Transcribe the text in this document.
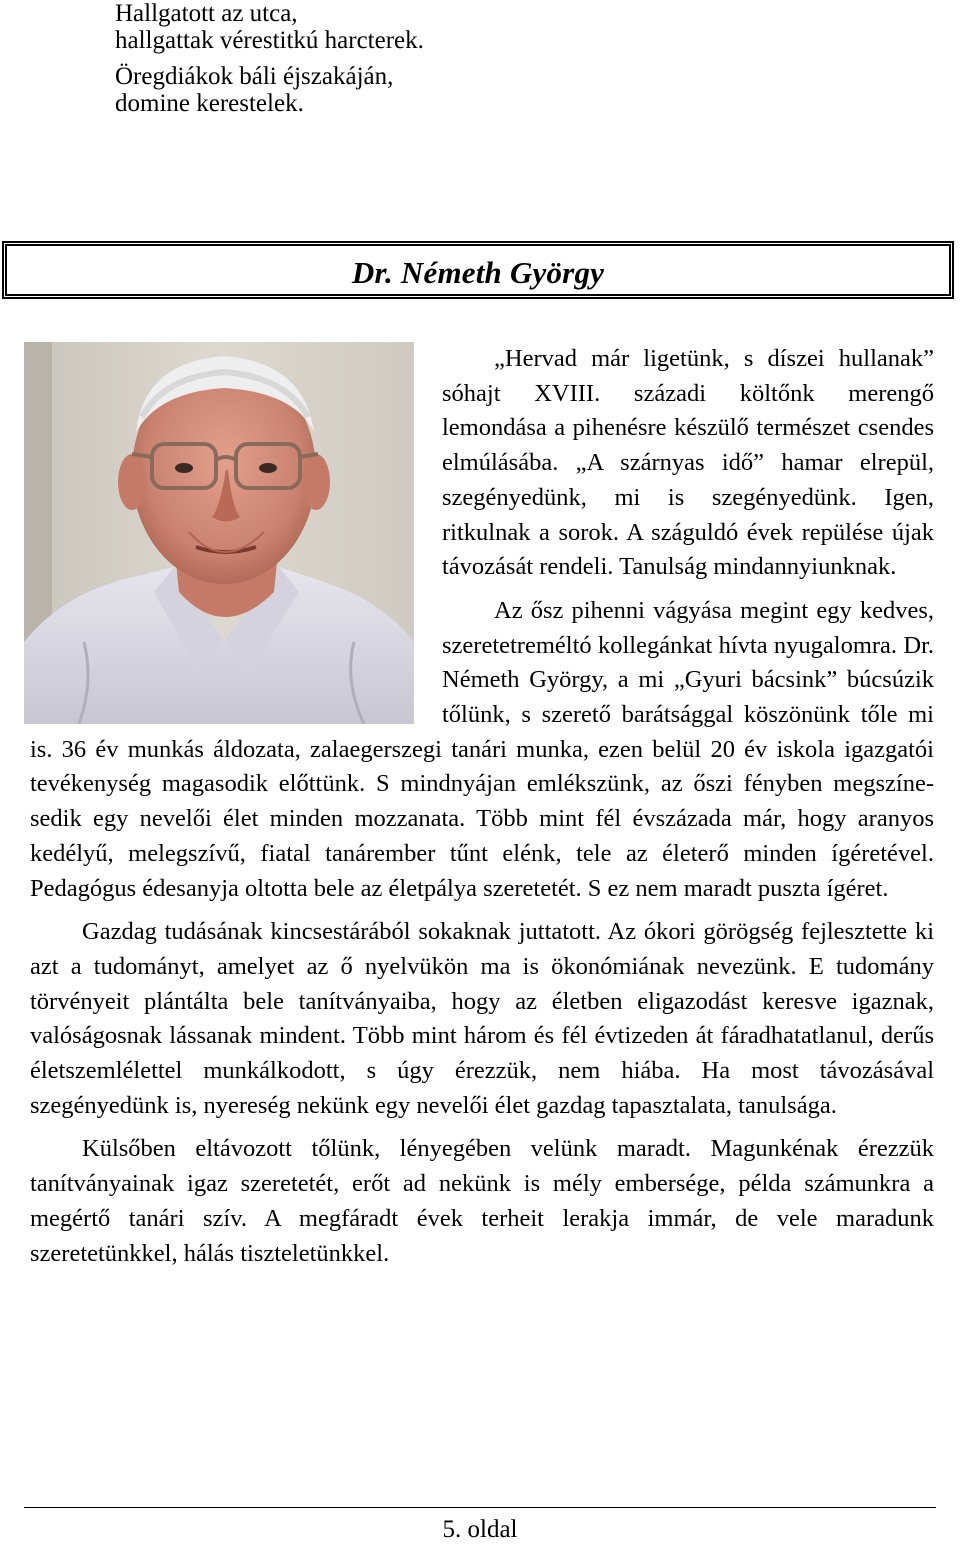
Hallgatott az utca,
hallgattak vérestitkú harcterek.
Öregdiákok báli éjszakáján,
domine kerestelek.
Dr. Németh György

„Hervad már ligetünk, s díszei hullanak” sóhajt XVIII. századi költőnk merengő lemondása a pihenésre készülő természet csendes elmúlásába. „A szárnyas idő” hamar elrepül, szegényedünk, mi is szegényedünk. Igen, ritkulnak a sorok. A száguldó évek repülése újak távozását rendeli. Tanulság mindannyiunknak.

Az ősz pihenni vágyása megint egy kedves, szeretetreméltó kollegánkat hívta nyugalomra. Dr. Németh György, a mi „Gyuri bácsink” búcsúzik tőlünk, s szerető barátsággal köszönünk tőle mi is. 36 év munkás áldozata, zalaegerszegi tanári munka, ezen belül 20 év iskola igazgatói tevékenység magasodik előttünk. S mindnyájan emlékszünk, az őszi fényben megszínesedik egy nevelői élet minden mozzanata. Több mint fél évszázada már, hogy aranyos kedélyű, melegszívű, fiatal tanárember tűnt elénk, tele az életerő minden ígéretével. Pedagógus édesanyja oltotta bele az életpálya szeretetét. S ez nem maradt puszta ígéret.

Gazdag tudásának kincsestárából sokaknak juttatott. Az ókori görögség fejlesztette ki azt a tudományt, amelyet az ő nyelvükön ma is ökonómiának nevezünk. E tudomány törvényeit plántálta bele tanítványaiba, hogy az életben eligazodást keresve igaznak, valóságosnak lássanak mindent. Több mint három és fél évtizeden át fáradhatatlanul, derűs életszemlélettel munkálkodott, s úgy érezzük, nem hiába. Ha most távozásával szegényedünk is, nyereség nekünk egy nevelői élet gazdag tapasztalata, tanulsága.

Külsőben eltávozott tőlünk, lényegében velünk maradt. Magunkénak érezzük tanítványainak igaz szeretetét, erőt ad nekünk is mély embersége, példa számunkra a megértő tanári szív. A megfáradt évek terheit lerakja immár, de vele maradunk szeretetünkkel, hálás tiszteletünkkel.

5. oldal
